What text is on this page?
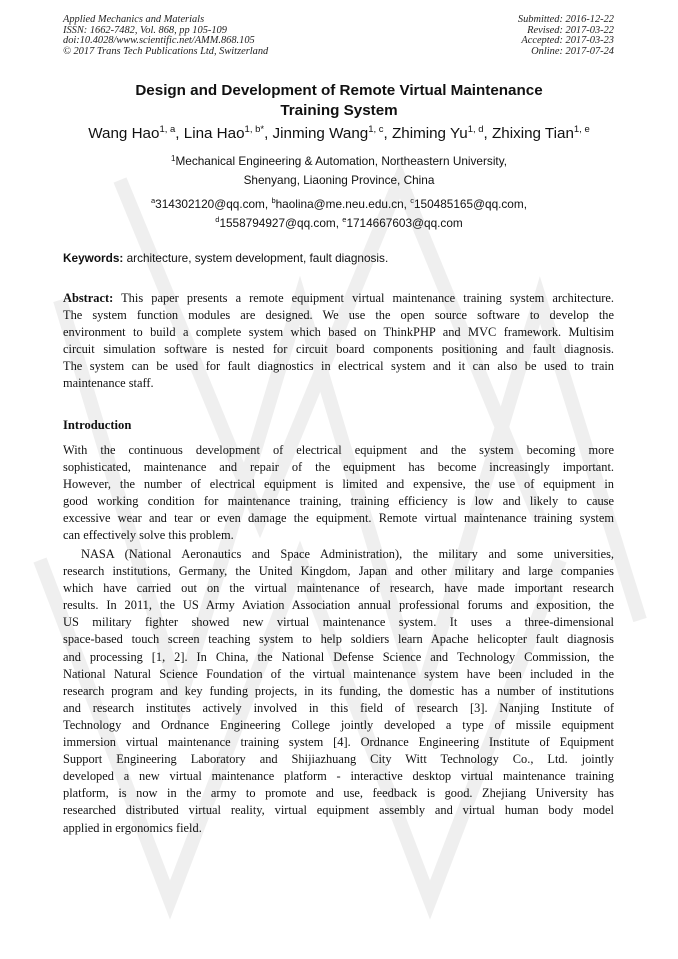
Applied Mechanics and Materials
ISSN: 1662-7482, Vol. 868, pp 105-109
doi:10.4028/www.scientific.net/AMM.868.105
© 2017 Trans Tech Publications Ltd, Switzerland
Submitted: 2016-12-22
Revised: 2017-03-22
Accepted: 2017-03-23
Online: 2017-07-24
Design and Development of Remote Virtual Maintenance
Training System
Wang Hao$^{1, a}$, Lina Hao$^{1, b*}$, Jinming Wang$^{1, c}$, Zhiming Yu$^{1, d}$, Zhixing Tian$^{1, e}$
$^1$Mechanical Engineering & Automation, Northeastern University,
Shenyang, Liaoning Province, China
$^a$314302120@qq.com, $^b$haolina@me.neu.edu.cn, $^c$150485165@qq.com,
$^d$1558794927@qq.com, $^e$1714667603@qq.com
Keywords: architecture, system development, fault diagnosis.
Abstract: This paper presents a remote equipment virtual maintenance training system architecture.
The system function modules are designed. We use the open source software to develop the
environment to build a complete system which based on ThinkPHP and MVC framework. Multisim
circuit simulation software is nested for circuit board components positioning and fault diagnosis.
The system can be used for fault diagnostics in electrical system and it can also be used to train
maintenance staff.
Introduction
With the continuous development of electrical equipment and the system becoming more
sophisticated, maintenance and repair of the equipment has become increasingly important.
However, the number of electrical equipment is limited and expensive, the use of equipment in
good working condition for maintenance training, training efficiency is low and likely to cause
excessive wear and tear or even damage the equipment. Remote virtual maintenance training system
can effectively solve this problem.
NASA (National Aeronautics and Space Administration), the military and some universities,
research institutions, Germany, the United Kingdom, Japan and other military and large companies
which have carried out on the virtual maintenance of research, have made important research
results. In 2011, the US Army Aviation Association annual professional forums and exposition, the
US military fighter showed new virtual maintenance system. It uses a three-dimensional
space-based touch screen teaching system to help soldiers learn Apache helicopter fault diagnosis
and processing [1, 2]. In China, the National Defense Science and Technology Commission, the
National Natural Science Foundation of the virtual maintenance system have been included in the
research program and key funding projects, in its funding, the domestic has a number of institutions
and research institutes actively involved in this field of research [3]. Nanjing Institute of
Technology and Ordnance Engineering College jointly developed a type of missile equipment
immersion virtual maintenance training system [4]. Ordnance Engineering Institute of Equipment
Support Engineering Laboratory and Shijiazhuang City Witt Technology Co., Ltd. jointly
developed a new virtual maintenance platform - interactive desktop virtual maintenance training
platform, is now in the army to promote and use, feedback is good. Zhejiang University has
researched distributed virtual reality, virtual equipment assembly and virtual human body model
applied in ergonomics field.
